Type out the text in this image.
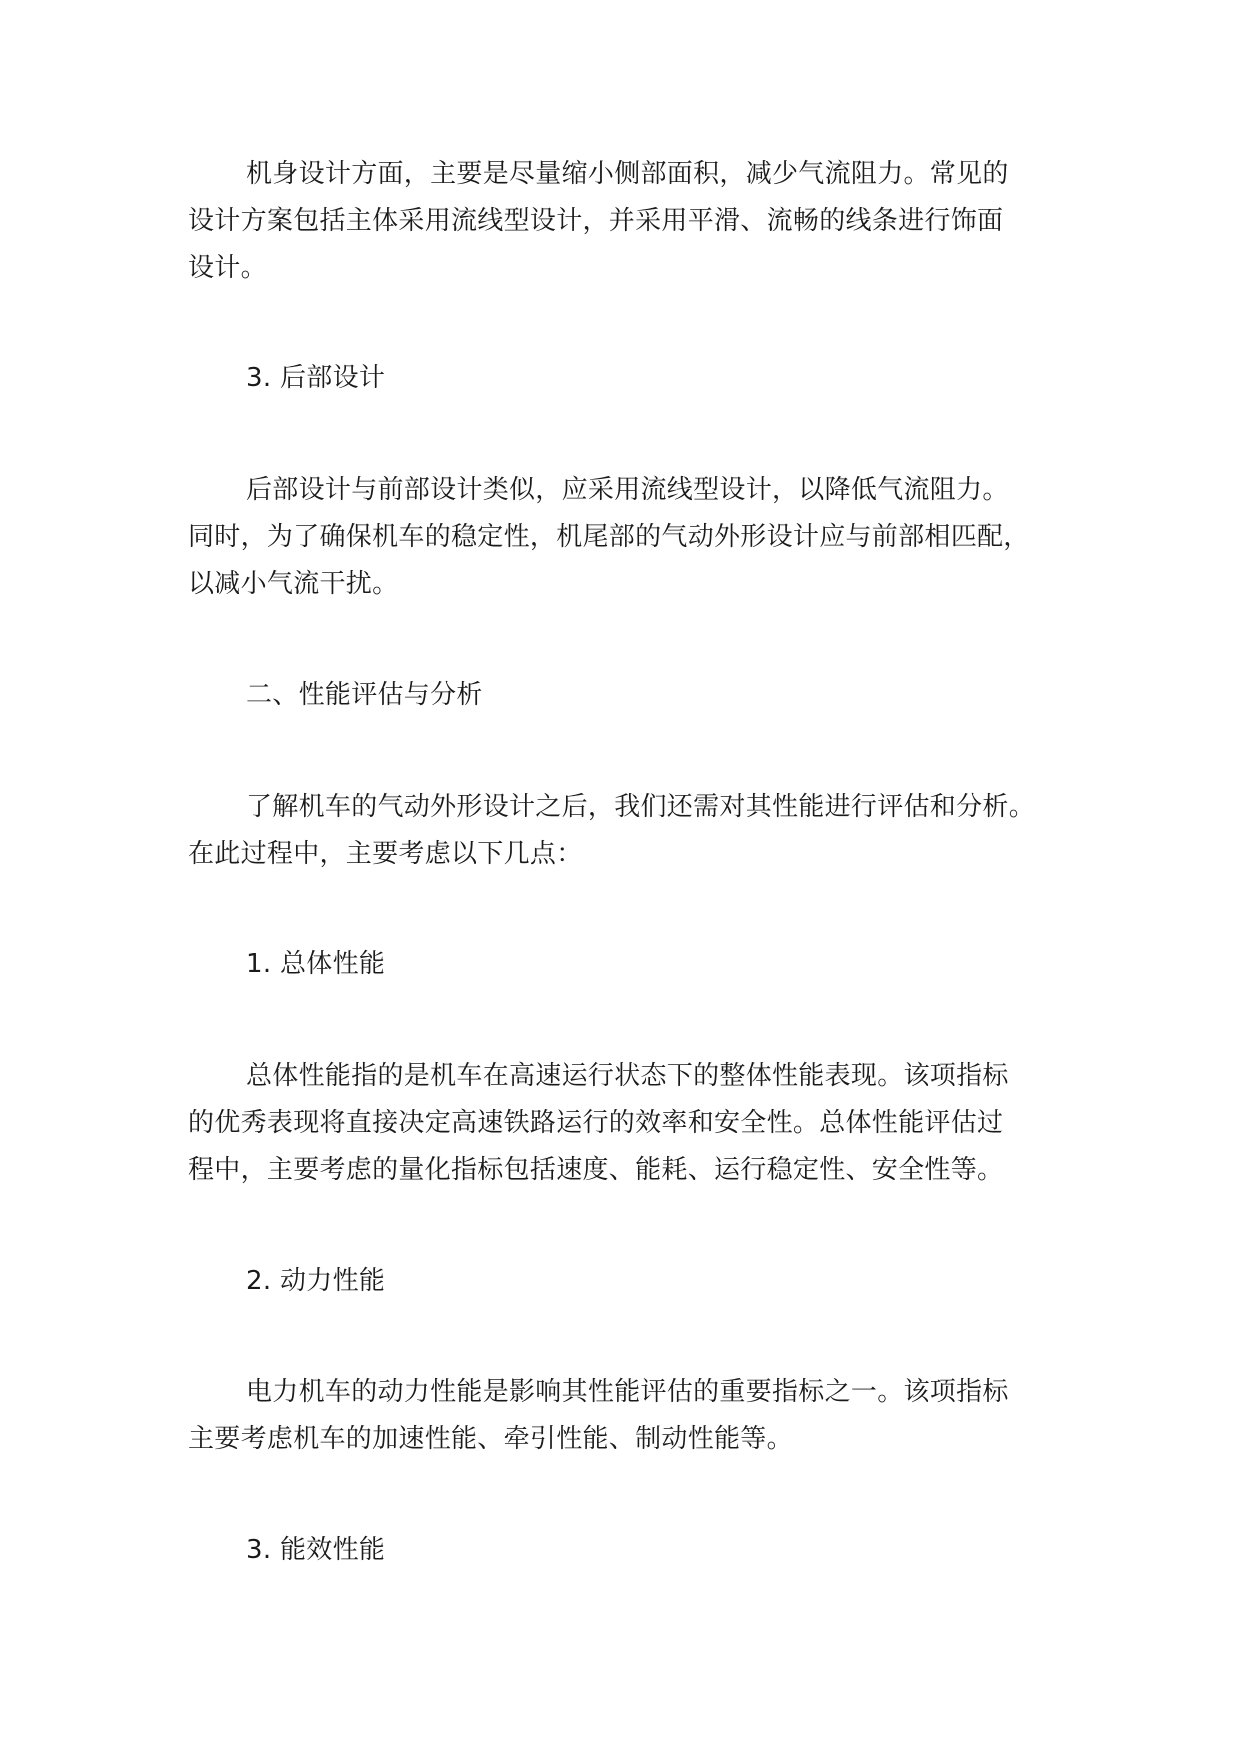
机身设计方面，主要是尽量缩小侧部面积，减少气流阻力。常见的

设计方案包括主体采用流线型设计，并采用平滑、流畅的线条进行饰面

设计。

3. 后部设计

后部设计与前部设计类似，应采用流线型设计，以降低气流阻力。

同时，为了确保机车的稳定性，机尾部的气动外形设计应与前部相匹配，

以减小气流干扰。

二、性能评估与分析

了解机车的气动外形设计之后，我们还需对其性能进行评估和分析。

在此过程中，主要考虑以下几点：

1. 总体性能

总体性能指的是机车在高速运行状态下的整体性能表现。该项指标

的优秀表现将直接决定高速铁路运行的效率和安全性。总体性能评估过

程中，主要考虑的量化指标包括速度、能耗、运行稳定性、安全性等。

2. 动力性能

电力机车的动力性能是影响其性能评估的重要指标之一。该项指标

主要考虑机车的加速性能、牵引性能、制动性能等。

3. 能效性能
